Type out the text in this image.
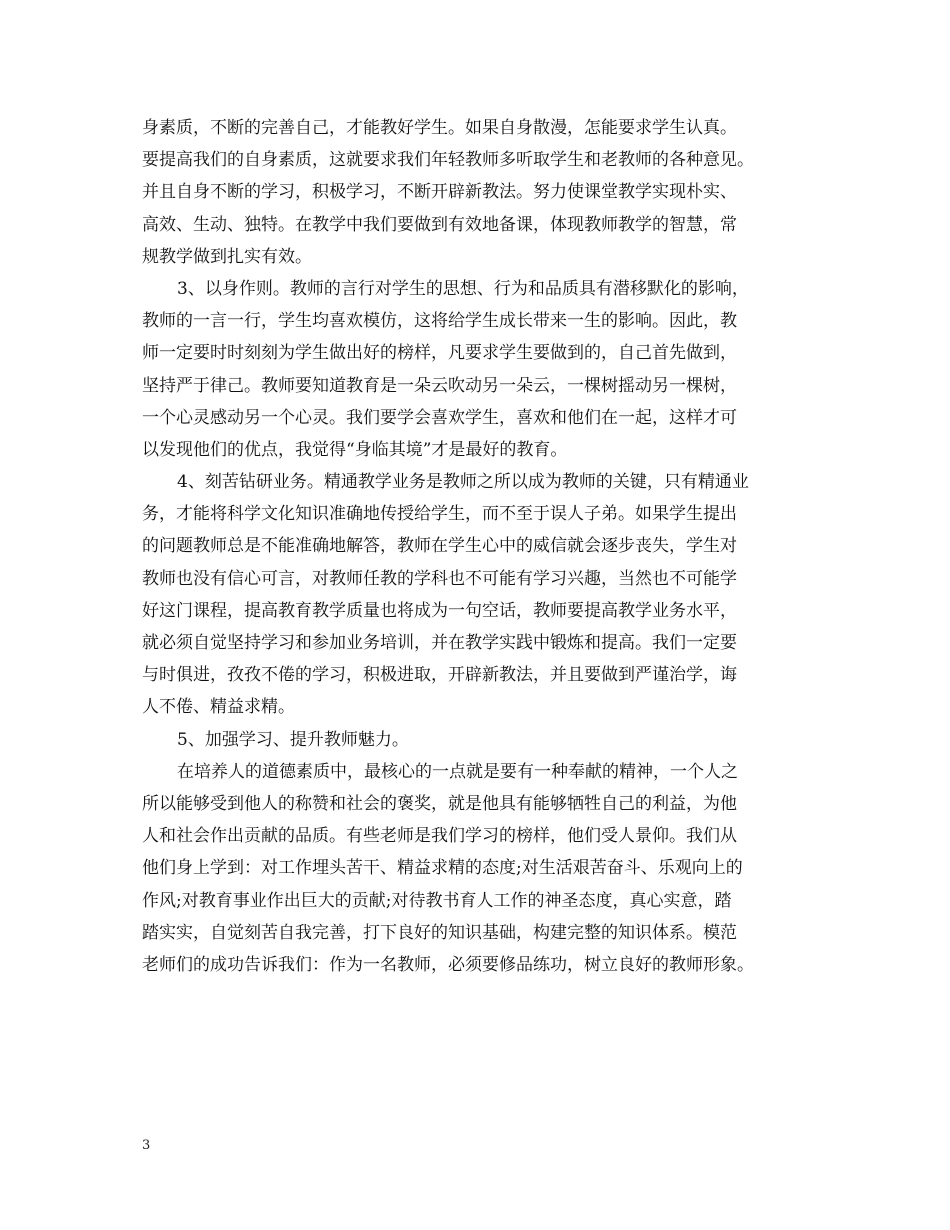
身素质，不断的完善自己，才能教好学生。如果自身散漫，怎能要求学生认真。
要提高我们的自身素质，这就要求我们年轻教师多听取学生和老教师的各种意见。
并且自身不断的学习，积极学习，不断开辟新教法。努力使课堂教学实现朴实、
高效、生动、独特。在教学中我们要做到有效地备课，体现教师教学的智慧，常
规教学做到扎实有效。
3、以身作则。教师的言行对学生的思想、行为和品质具有潜移默化的影响，
教师的一言一行，学生均喜欢模仿，这将给学生成长带来一生的影响。因此，教
师一定要时时刻刻为学生做出好的榜样，凡要求学生要做到的，自己首先做到，
坚持严于律己。教师要知道教育是一朵云吹动另一朵云，一棵树摇动另一棵树，
一个心灵感动另一个心灵。我们要学会喜欢学生，喜欢和他们在一起，这样才可
以发现他们的优点，我觉得“身临其境”才是最好的教育。
4、刻苦钻研业务。精通教学业务是教师之所以成为教师的关键，只有精通业
务，才能将科学文化知识准确地传授给学生，而不至于误人子弟。如果学生提出
的问题教师总是不能准确地解答，教师在学生心中的威信就会逐步丧失，学生对
教师也没有信心可言，对教师任教的学科也不可能有学习兴趣，当然也不可能学
好这门课程，提高教育教学质量也将成为一句空话，教师要提高教学业务水平，
就必须自觉坚持学习和参加业务培训，并在教学实践中锻炼和提高。我们一定要
与时俱进，孜孜不倦的学习，积极进取，开辟新教法，并且要做到严谨治学，诲
人不倦、精益求精。
5、加强学习、提升教师魅力。
在培养人的道德素质中，最核心的一点就是要有一种奉献的精神，一个人之
所以能够受到他人的称赞和社会的褒奖，就是他具有能够牺牲自己的利益，为他
人和社会作出贡献的品质。有些老师是我们学习的榜样，他们受人景仰。我们从
他们身上学到：对工作埋头苦干、精益求精的态度;对生活艰苦奋斗、乐观向上的
作风;对教育事业作出巨大的贡献;对待教书育人工作的神圣态度，真心实意，踏
踏实实，自觉刻苦自我完善，打下良好的知识基础，构建完整的知识体系。模范
老师们的成功告诉我们：作为一名教师，必须要修品练功，树立良好的教师形象。
3
